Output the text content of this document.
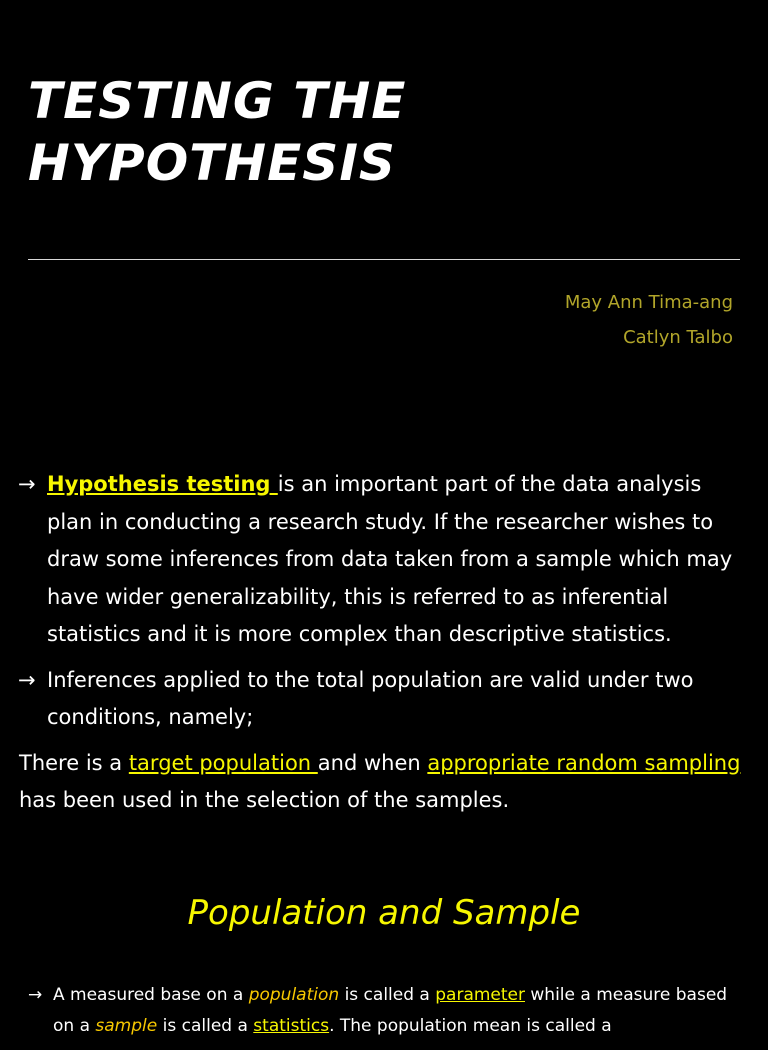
TESTING THE
HYPOTHESIS
May Ann Tima-ang
Catlyn Talbo
→ Hypothesis testing is an important part of the data analysis plan in conducting a research study. If the researcher wishes to draw some inferences from data taken from a sample which may have wider generalizability, this is referred to as inferential statistics and it is more complex than descriptive statistics.
→ Inferences applied to the total population are valid under two conditions, namely;
There is a target population and when appropriate random sampling has been used in the selection of the samples.
Population and Sample
→ A measured base on a population is called a parameter while a measure based on a sample is called a statistics. The population mean is called a
